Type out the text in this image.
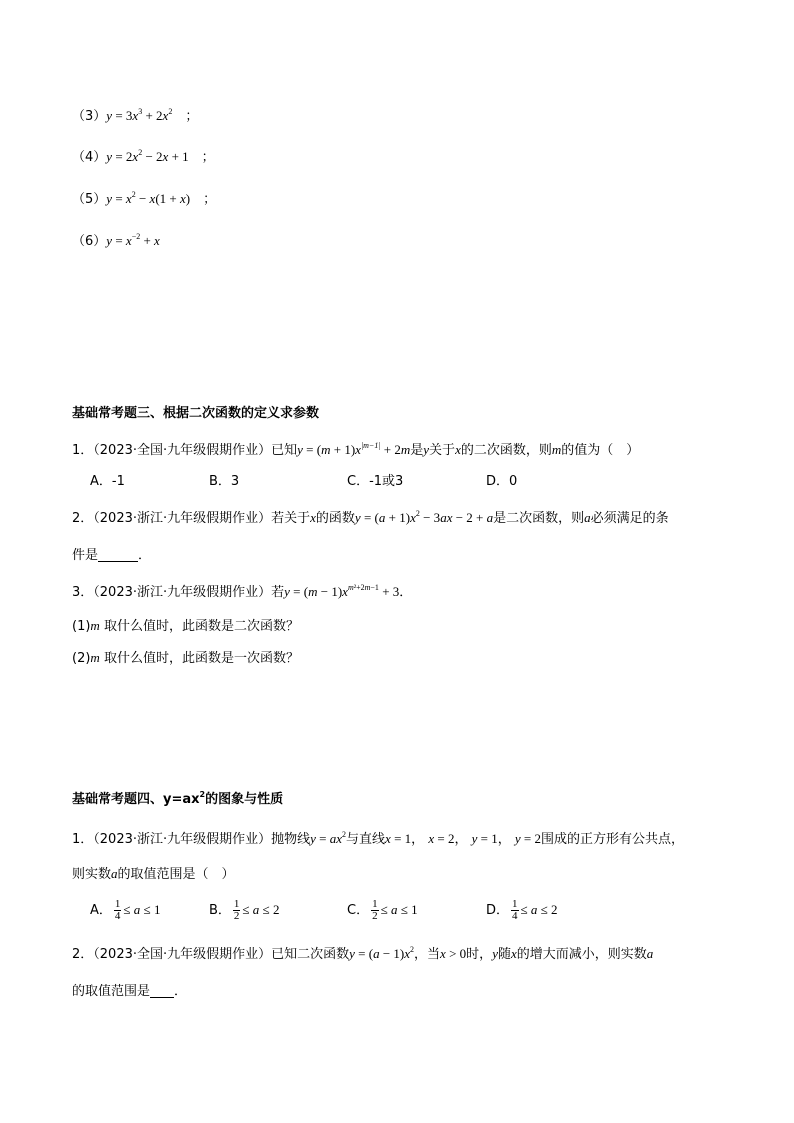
$(3)y = 3x^3 + 2x^2$　 ；
$(4)y = 2x^2 - 2x + 1$　 ；
$(5)y = x^2 - x(1 + x)$　 ；
$(6)y = x^{-2} + x$
基础常考题三、根据二次函数的定义求参数
1．（2023·全国·九年级假期作业）已知$y = (m + 1)x^{|m-1|} + 2m$是y关于x的二次函数，则m的值为（　）
A．-1	B．3	C．-1或3	D．0
2．（2023·浙江·九年级假期作业）若关于x的函数$y = (a + 1)x^2 - 3ax - 2 + a$是二次函数，则a必须满足的条
件是	．
3．（2023·浙江·九年级假期作业）若$y = (m - 1)x^{m^2+2m-1} + 3$．
(1)m 取什么值时，此函数是二次函数？
(2)m 取什么值时，此函数是一次函数？
基础常考题四、$y=ax^2$的图象与性质
1．（2023·浙江·九年级假期作业）抛物线$y = ax^2$与直线x = 1， x = 2， y = 1， y = 2围成的正方形有公共点，
则实数a的取值范围是（　）
A． $\frac{1}{4} \le a \le 1$	B． $\frac{1}{2} \le a \le 2$	C． $\frac{1}{2} \le a \le 1$	D． $\frac{1}{4} \le a \le 2$
2．（2023·全国·九年级假期作业）已知二次函数$y = (a - 1)x^2$，当x > 0时，y随x的增大而减小，则实数a
的取值范围是 ．
